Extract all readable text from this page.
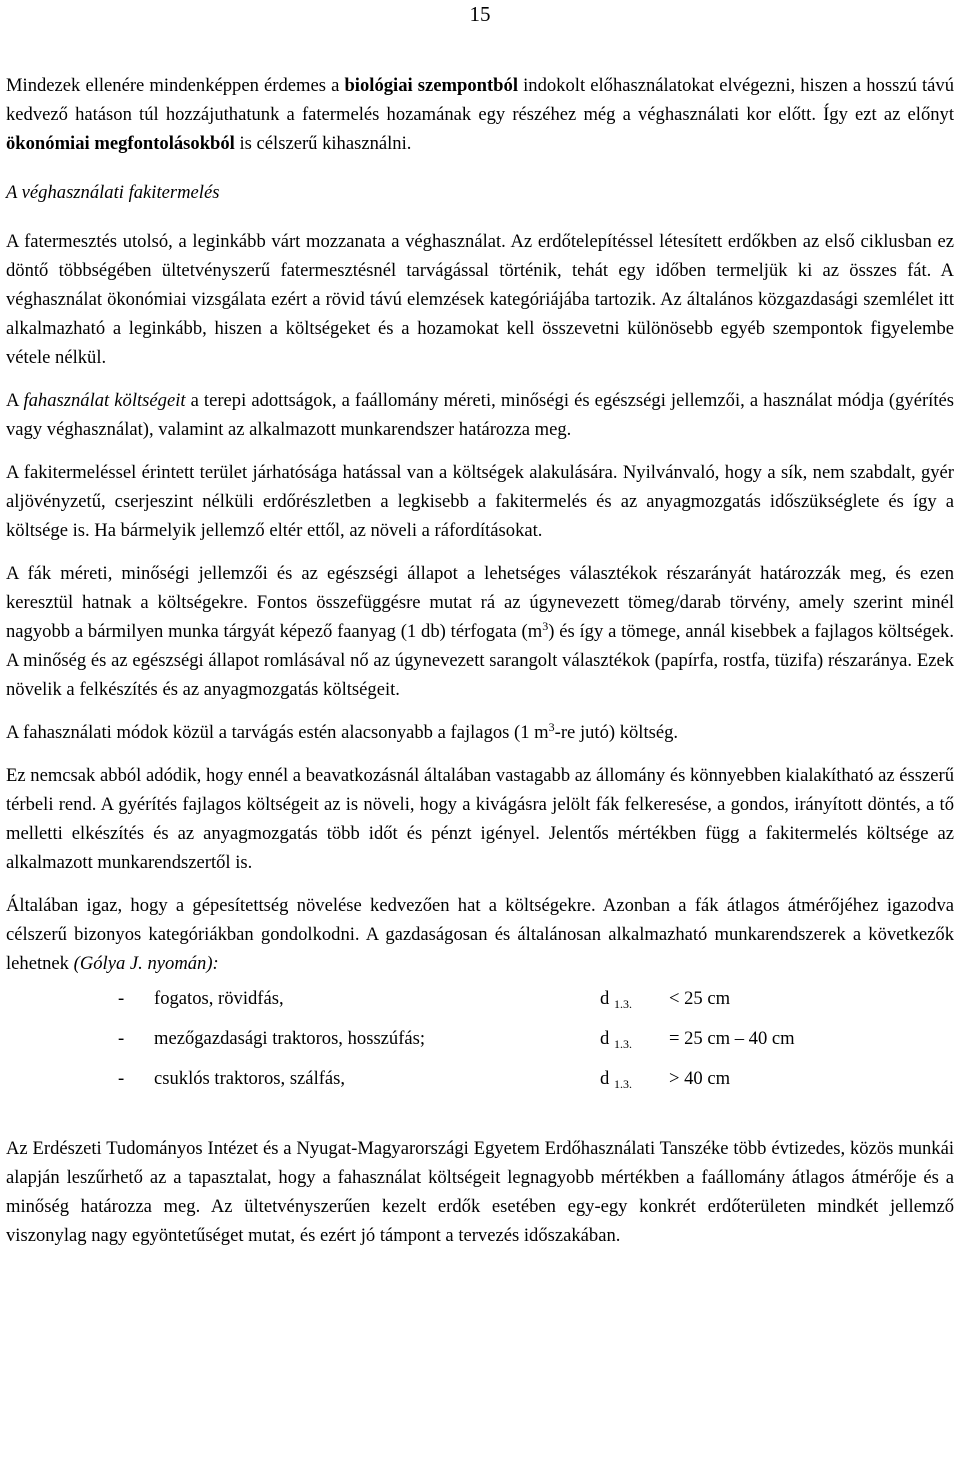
15

Mindezek ellenére mindenképpen érdemes a biológiai szempontból indokolt előhasználatokat elvégezni, hiszen a hosszú távú kedvező hatáson túl hozzájuthatunk a fatermelés hozamának egy részéhez még a véghasználati kor előtt. Így ezt az előnyt ökonómiai megfontolásokból is célszerű kihasználni.

A véghasználati fakitermelés

A fatermesztés utolsó, a leginkább várt mozzanata a véghasználat. Az erdőtelepítéssel létesített erdőkben az első ciklusban ez döntő többségében ültetvényszerű fatermesztésnél tarvágással történik, tehát egy időben termeljük ki az összes fát. A véghasználat ökonómiai vizsgálata ezért a rövid távú elemzések kategóriájába tartozik. Az általános közgazdasági szemlélet itt alkalmazható a leginkább, hiszen a költségeket és a hozamokat kell összevetni különösebb egyéb szempontok figyelembe vétele nélkül.

A fahasználat költségeit a terepi adottságok, a faállomány méreti, minőségi és egészségi jellemzői, a használat módja (gyérítés vagy véghasználat), valamint az alkalmazott munkarendszer határozza meg.

A fakitermeléssel érintett terület járhatósága hatással van a költségek alakulására. Nyilvánvaló, hogy a sík, nem szabdalt, gyér aljövényzetű, cserjeszint nélküli erdőrészletben a legkisebb a fakitermelés és az anyagmozgatás időszükséglete és így a költsége is. Ha bármelyik jellemző eltér ettől, az növeli a ráfordításokat.

A fák méreti, minőségi jellemzői és az egészségi állapot a lehetséges választékok részarányát határozzák meg, és ezen keresztül hatnak a költségekre. Fontos összefüggésre mutat rá az úgynevezett tömeg/darab törvény, amely szerint minél nagyobb a bármilyen munka tárgyát képező faanyag (1 db) térfogata $(m^3)$ és így a tömege, annál kisebbek a fajlagos költségek. A minőség és az egészségi állapot romlásával nő az úgynevezett sarangolt választékok (papírfa, rostfa, tüzifa) részaránya. Ezek növelik a felkészítés és az anyagmozgatás költségeit.

A fahasználati módok közül a tarvágás estén alacsonyabb a fajlagos (1 $m^3-re$ jutó) költség.

Ez nemcsak abból adódik, hogy ennél a beavatkozásnál általában vastagabb az állomány és könnyebben kialakítható az ésszerű térbeli rend. A gyérítés fajlagos költségeit az is növeli, hogy a kivágásra jelölt fák felkeresése, a gondos, irányított döntés, a tő melletti elkészítés és az anyagmozgatás több időt és pénzt igényel. Jelentős mértékben függ a fakitermelés költsége az alkalmazott munkarendszertől is.

Általában igaz, hogy a gépesítettség növelése kedvezően hat a költségekre. Azonban a fák átlagos átmérőjéhez igazodva célszerű bizonyos kategóriákban gondolkodni. A gazdaságosan és általánosan alkalmazható munkarendszerek a következők lehetnek (Gólya J. nyomán):

- fogatos, rövidfás,	d $_{1.3.}$ < 25 cm
- mezőgazdasági traktoros, hosszúfás;	d $_{1.3.}$ = 25 cm – 40 cm
- csuklós traktoros, szálfás,	d $_{1.3.}$ > 40 cm

Az Erdészeti Tudományos Intézet és a Nyugat-Magyarországi Egyetem Erdőhasználati Tanszéke több évtizedes, közös munkái alapján leszűrhető az a tapasztalat, hogy a fahasználat költségeit legnagyobb mértékben a faállomány átlagos átmérője és a minőség határozza meg. Az ültetvényszerűen kezelt erdők esetében egy-egy konkrét erdőterületen mindkét jellemző viszonylag nagy egyöntetűséget mutat, és ezért jó támpont a tervezés időszakában.
